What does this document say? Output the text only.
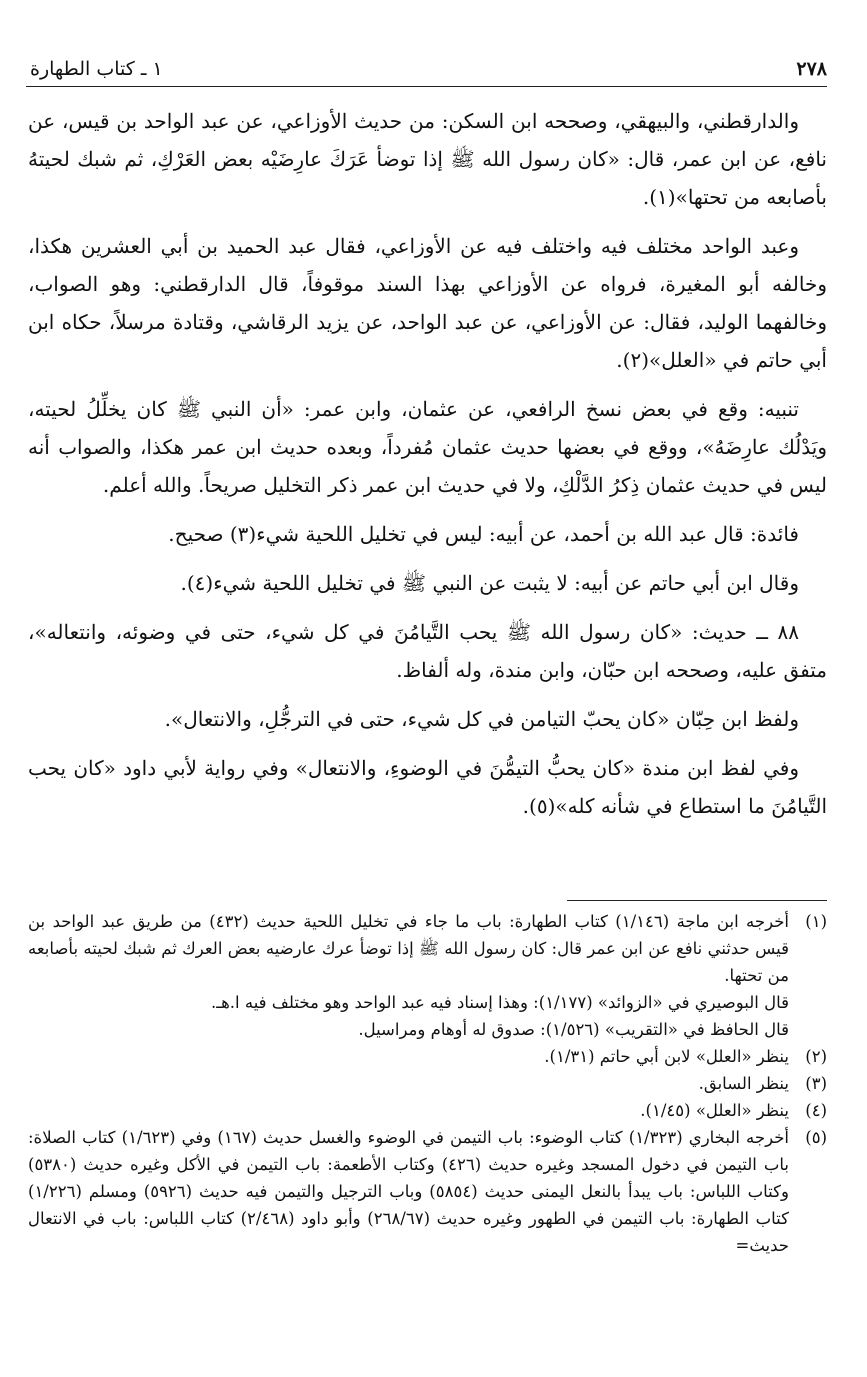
٢٧٨
١ ـ كتاب الطهارة

والدارقطني، والبيهقي، وصححه ابن السكن: من حديث الأوزاعي، عن عبد الواحد بن قيس، عن نافع، عن ابن عمر، قال: «كان رسول الله ﷺ إذا توضأ عَرَكَ عارِضَيْه بعض العَرْكِ، ثم شبك لحيتهُ بأصابعه من تحتها»(١).

وعبد الواحد مختلف فيه واختلف فيه عن الأوزاعي، فقال عبد الحميد بن أبي العشرين هكذا، وخالفه أبو المغيرة، فرواه عن الأوزاعي بهذا السند موقوفاً، قال الدارقطني: وهو الصواب، وخالفهما الوليد، فقال: عن الأوزاعي، عن عبد الواحد، عن يزيد الرقاشي، وقتادة مرسلاً، حكاه ابن أبي حاتم في «العلل»(٢).

تنبيه: وقع في بعض نسخ الرافعي، عن عثمان، وابن عمر: «أن النبي ﷺ كان يخلِّلُ لحيته، ويَدْلُك عارِضَهُ»، ووقع في بعضها حديث عثمان مُفرداً، وبعده حديث ابن عمر هكذا، والصواب أنه ليس في حديث عثمان ذِكرُ الدَّلْكِ، ولا في حديث ابن عمر ذكر التخليل صريحاً. والله أعلم.

فائدة: قال عبد الله بن أحمد، عن أبيه: ليس في تخليل اللحية شيء(٣) صحيح.

وقال ابن أبي حاتم عن أبيه: لا يثبت عن النبي ﷺ في تخليل اللحية شيء(٤).

٨٨ ــ حديث: «كان رسول الله ﷺ يحب التَّيامُنَ في كل شيء، حتى في وضوئه، وانتعاله»، متفق عليه، وصححه ابن حبّان، وابن مندة، وله ألفاظ.

ولفظ ابن حِبّان «كان يحبّ التيامن في كل شيء، حتى في الترجُّلِ، والانتعال».

وفي لفظ ابن مندة «كان يحبُّ التيمُّنَ في الوضوءِ، والانتعال» وفي رواية لأبي داود «كان يحب التَّيامُنَ ما استطاع في شأنه كله»(٥).

(١)
أخرجه ابن ماجة (١/١٤٦) كتاب الطهارة: باب ما جاء في تخليل اللحية حديث (٤٣٢) من طريق عبد الواحد بن قيس حدثني نافع عن ابن عمر قال: كان رسول الله ﷺ إذا توضأ عرك عارضيه بعض العرك ثم شبك لحيته بأصابعه من تحتها.
قال البوصيري في «الزوائد» (١/١٧٧): وهذا إسناد فيه عبد الواحد وهو مختلف فيه ا.هـ.
قال الحافظ في «التقريب» (١/٥٢٦): صدوق له أوهام ومراسيل.
(٢)
ينظر «العلل» لابن أبي حاتم (١/٣١).
(٣)
ينظر السابق.
(٤)
ينظر «العلل» (١/٤٥).
(٥)
أخرجه البخاري (١/٣٢٣) كتاب الوضوء: باب التيمن في الوضوء والغسل حديث (١٦٧) وفي (١/٦٢٣) كتاب الصلاة: باب التيمن في دخول المسجد وغيره حديث (٤٢٦) وكتاب الأطعمة: باب التيمن في الأكل وغيره حديث (٥٣٨٠) وكتاب اللباس: باب يبدأ بالنعل اليمنى حديث (٥٨٥٤) وباب الترجيل والتيمن فيه حديث (٥٩٢٦) ومسلم (١/٢٢٦) كتاب الطهارة: باب التيمن في الطهور وغيره حديث (٢٦٨/٦٧) وأبو داود (٢/٤٦٨) كتاب اللباس: باب في الانتعال حديث=
